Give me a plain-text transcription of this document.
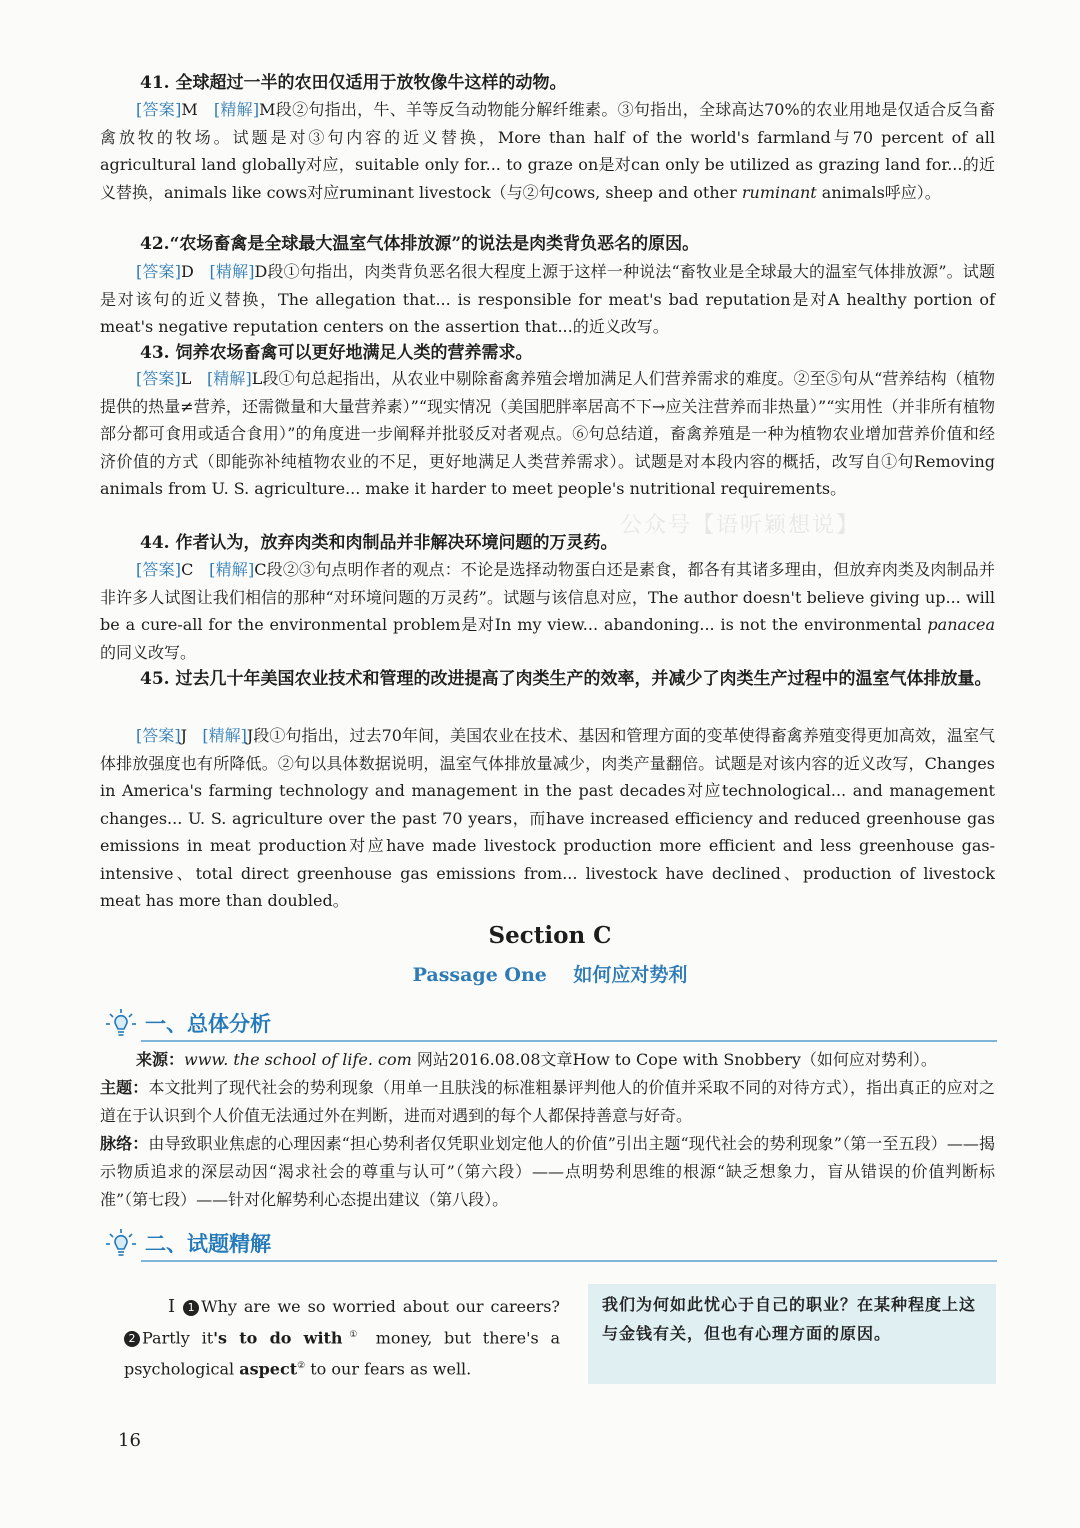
41. 全球超过一半的农田仅适用于放牧像牛这样的动物。
[答案]M [精解]M段②句指出，牛、羊等反刍动物能分解纤维素。③句指出，全球高达70%的农业用地是仅适合反刍畜禽放牧的牧场。试题是对③句内容的近义替换，More than half of the world's farmland与70 percent of all agricultural land globally对应，suitable only for... to graze on是对can only be utilized as grazing land for...的近义替换，animals like cows对应ruminant livestock（与②句cows, sheep and other ruminant animals呼应）。
42.“农场畜禽是全球最大温室气体排放源”的说法是肉类背负恶名的原因。
[答案]D [精解]D段①句指出，肉类背负恶名很大程度上源于这样一种说法“畜牧业是全球最大的温室气体排放源”。试题是对该句的近义替换，The allegation that... is responsible for meat's bad reputation是对A healthy portion of meat's negative reputation centers on the assertion that...的近义改写。
43. 饲养农场畜禽可以更好地满足人类的营养需求。
[答案]L [精解]L段①句总起指出，从农业中剔除畜禽养殖会增加满足人们营养需求的难度。②至⑤句从“营养结构（植物提供的热量≠营养，还需微量和大量营养素）”“现实情况（美国肥胖率居高不下→应关注营养而非热量）”“实用性（并非所有植物部分都可食用或适合食用）”的角度进一步阐释并批驳反对者观点。⑥句总结道，畜禽养殖是一种为植物农业增加营养价值和经济价值的方式（即能弥补纯植物农业的不足，更好地满足人类营养需求）。试题是对本段内容的概括，改写自①句Removing animals from U. S. agriculture... make it harder to meet people's nutritional requirements。
公众号【语听颖想说】
44. 作者认为，放弃肉类和肉制品并非解决环境问题的万灵药。
[答案]C [精解]C段②③句点明作者的观点：不论是选择动物蛋白还是素食，都各有其诸多理由，但放弃肉类及肉制品并非许多人试图让我们相信的那种“对环境问题的万灵药”。试题与该信息对应，The author doesn't believe giving up... will be a cure-all for the environmental problem是对In my view... abandoning... is not the environmental panacea的同义改写。
45. 过去几十年美国农业技术和管理的改进提高了肉类生产的效率，并减少了肉类生产过程中的温室气体排放量。
[答案]J [精解]J段①句指出，过去70年间，美国农业在技术、基因和管理方面的变革使得畜禽养殖变得更加高效，温室气体排放强度也有所降低。②句以具体数据说明，温室气体排放量减少，肉类产量翻倍。试题是对该内容的近义改写，Changes in America's farming technology and management in the past decades对应technological... and management changes... U. S. agriculture over the past 70 years，而have increased efficiency and reduced greenhouse gas emissions in meat production对应have made livestock production more efficient and less greenhouse gas-intensive、total direct greenhouse gas emissions from... livestock have declined、production of livestock meat has more than doubled。
Section C
Passage One 如何应对势利
一、总体分析

来源：www. the school of life. com 网站2016.08.08文章How to Cope with Snobbery（如何应对势利）。

主题：本文批判了现代社会的势利现象（用单一且肤浅的标准粗暴评判他人的价值并采取不同的对待方式），指出真正的应对之道在于认识到个人价值无法通过外在判断，进而对遇到的每个人都保持善意与好奇。

脉络：由导致职业焦虑的心理因素“担心势利者仅凭职业划定他人的价值”引出主题“现代社会的势利现象”（第一至五段）——揭示物质追求的深层动因“渴求社会的尊重与认可”（第六段）——点明势利思维的根源“缺乏想象力，盲从错误的价值判断标准”（第七段）——针对化解势利心态提出建议（第八段）。

二、试题精解
I 1 Why are we so worried about our careers? 2 Partly it's to do with① money, but there's a psychological aspect② to our fears as well.
我们为何如此忧心于自己的职业？在某种程度上这与金钱有关，但也有心理方面的原因。
16
